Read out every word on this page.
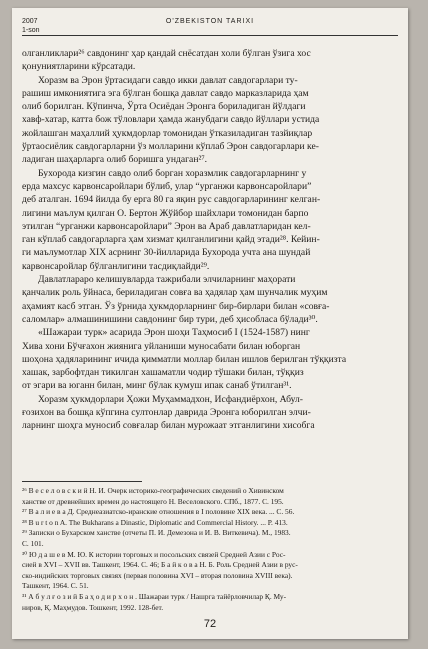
2007
1-son
O'ZBEKISTON TARIXI
олганликлари²⁶ савдонинг ҳар қандай снёсатдан холи бўлган ўзига хос
қонуниятларини кўрсатади.
Хоразм ва Эрон ўртасидаги савдо икки давлат савдогарлари ту-
рашиш имкониятига эга бўлган бошқа давлат савдо марказларида ҳам
олиб борилган. Кўпинча, Ўрта Осиёдан Эронга бориладиган йўлдаги
хавф-хатар, катта бож тўловлари ҳамда жанубдаги савдо йўллари устида
жойлашган маҳаллий ҳукмдорлар томонидан ўтказиладиган тазйиқлар
ўртаосиёлик савдогарларни ўз молларини кўплаб Эрон савдогарлари ке-
ладиган шаҳарларга олиб боришга ундаган²⁷.
Бухорода кизгин савдо олиб борган хоразмлик савдогарларнинг у
ерда махсус карвонсаройлари бўлиб, улар “урганжи карвонсаройлари”
деб аталган. 1694 йилда бу ерга 80 га яқин рус савдогарларининг келган-
лигини маълум қилган О. Бертон Жўйбор шайхлари томонидан барпо
этилган “урганжи карвонсаройлари” Эрон ва Араб давлатларидан кел-
ган кўплаб савдогарларга ҳам хизмат қилганлигини қайд этади²⁸. Кейин-
ги маълумотлар XIX асрнинг 30-йилларида Бухорода учта ана шундай
карвонсаройлар бўлганлигини тасдиқлайди²⁹.
Давлатлараро келишувларда тажрибали элчиларнинг маҳорати
қанчалик роль ўйнаса, бериладиган совға ва ҳадялар ҳам шунчалик муҳим
аҳамият касб этган. Ўз ўрнида ҳукмдорларнинг бир-бирлари билан «совға-
саломлар» алмашинишини савдонинг бир тури, деб ҳисобласа бўлади³⁰.
«Шажараи турк» асарида Эрон шоҳи Таҳмосиб I (1524-1587) нинг
Хива хони Бўчғахон жиянига уйланиши муносабати билан юборган
шоҳона ҳадяларининг ичида қимматли моллар билан ишлов берилган тўққизта
хашак, зарбофтдан тикилган хашаматли чодир тўшаки билан, тўққиз
от эгари ва юганн билан, минг бўлак кумуш ипак санаб ўтилган³¹.
Хоразм ҳукмдорлари Ҳожи Муҳаммадхон, Исфандиёрхон, Абул-
ғозихон ва бошқа кўпгина султонлар даврида Эронга юборилган элчи-
ларнинг шоҳга муносиб совғалар билан мурожаат этганлигини хисобга
²⁶ В е с е л о в с к и й Н. И. Очерк историко-географических сведений о Хивинском
ханстве от древнейших времен до настоящего Н. Веселовского. СПб., 1877. С. 195.
²⁷ В а л и е в а Д. Среднеазиатско-иранские отношения в I половине XIX века. ... С. 56.
²⁸ B u r t o n A. The Bukharans a Dinastic, Diplomatic and Commercial History. ... P. 413.
²⁹ Записки о Бухарском ханстве (отчеты П. И. Демезона и И. В. Виткевича). М., 1983.
С. 101.
³⁰ Ю д а ш е в М. Ю. К истории торговых и посольских связей Средней Азии с Рос-
сией в XVI – XVII вв. Ташкент, 1964. С. 46; Б а й к о в а Н. Б. Роль Средней Азии в рус-
ско-индийских торговых связях (первая половина XVI – вторая половина XVIII века).
Ташкент, 1964. С. 51.
³¹ А б у л ғ о з и й Б а ҳ о д и р х о н . Шажараи турк / Нашрга тайёрловчилар Қ. Му-
ниров, Қ. Маҳмудов. Тошкент, 1992. 128-бет.
72
